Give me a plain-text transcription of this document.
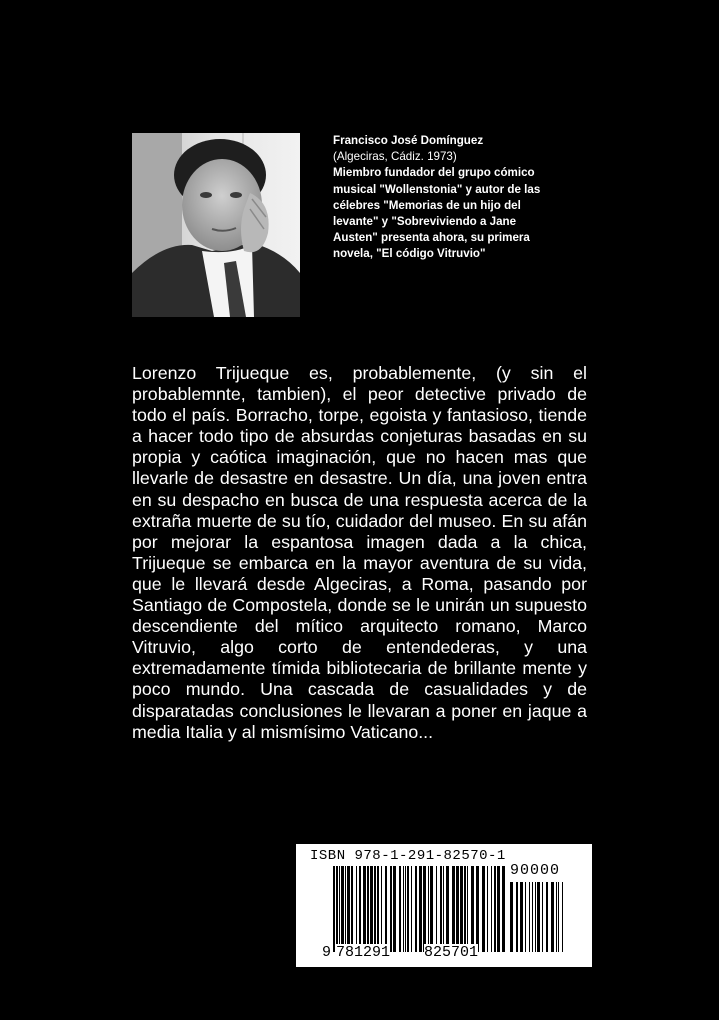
Francisco José Domínguez
(Algeciras, Cádiz. 1973)
Miembro fundador del grupo cómico
musical "Wollenstonia" y autor de las
célebres "Memorias de un hijo del
levante" y "Sobreviviendo a Jane
Austen" presenta ahora, su primera
novela, "El código Vitruvio"

Lorenzo Trijueque es, probablemente, (y sin el probablemnte, tambien), el peor detective privado de todo el país. Borracho, torpe, egoista y fantasioso, tiende a hacer todo tipo de absurdas conjeturas basadas en su propia y caótica imaginación, que no hacen mas que llevarle de desastre en desastre. Un día, una joven entra en su despacho en busca de una respuesta acerca de la extraña muerte de su tío, cuidador del museo. En su afán por mejorar la espantosa imagen dada a la chica, Trijueque se embarca en la mayor aventura de su vida, que le llevará desde Algeciras, a Roma, pasando por Santiago de Compostela, donde se le unirán un supuesto descendiente del mítico arquitecto romano, Marco Vitruvio, algo corto de entendederas, y una extremadamente tímida bibliotecaria de brillante mente y poco mundo. Una cascada de casualidades y de disparatadas conclusiones le llevaran a poner en jaque a media Italia y al mismísimo Vaticano...

ISBN 978-1-291-82570-1
90000
9 781291 825701
